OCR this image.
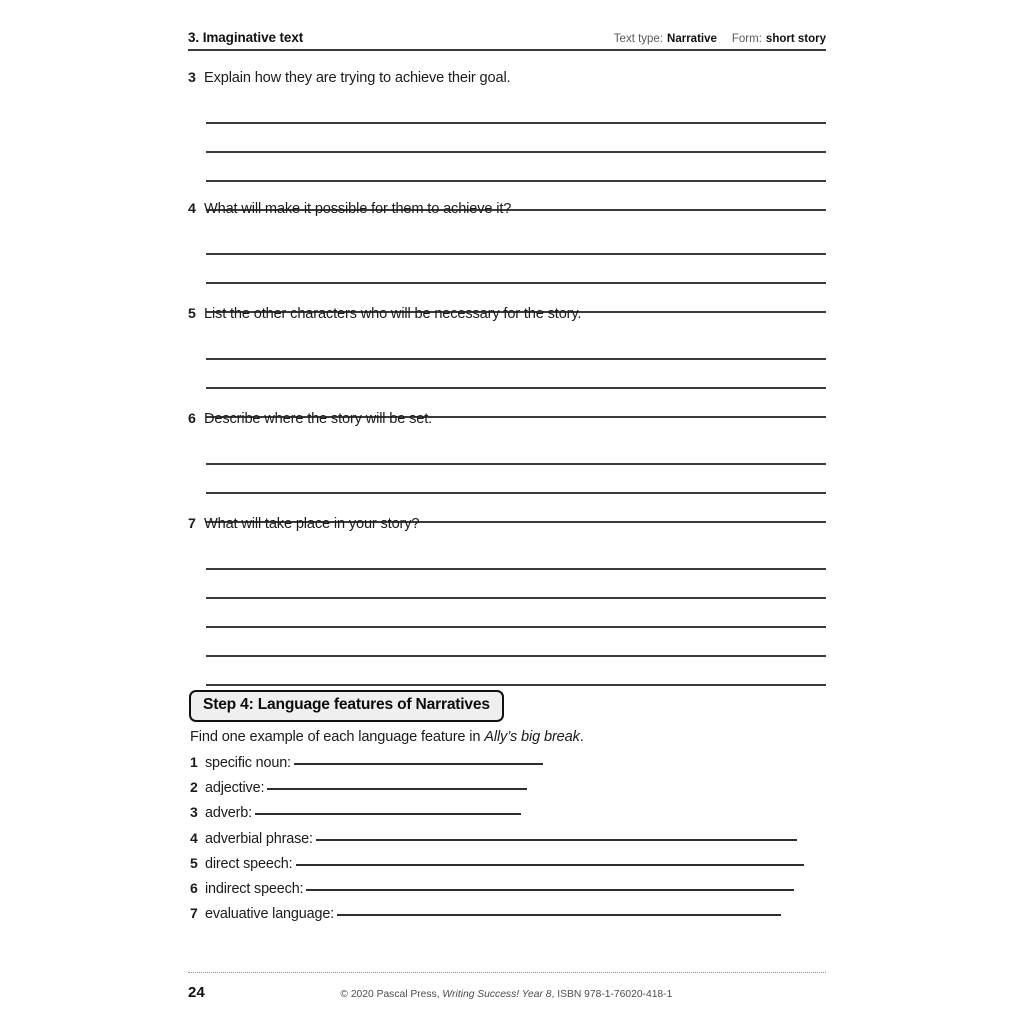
3. Imaginative text	Text type: Narrative Form: short story
3 Explain how they are trying to achieve their goal.
4 What will make it possible for them to achieve it?
5 List the other characters who will be necessary for the story.
6 Describe where the story will be set.
7 What will take place in your story?
Step 4: Language features of Narratives
Find one example of each language feature in Ally’s big break.
1 specific noun:
2 adjective:
3 adverb:
4 adverbial phrase:
5 direct speech:
6 indirect speech:
7 evaluative language:
24	© 2020 Pascal Press, Writing Success! Year 8, ISBN 978-1-76020-418-1
